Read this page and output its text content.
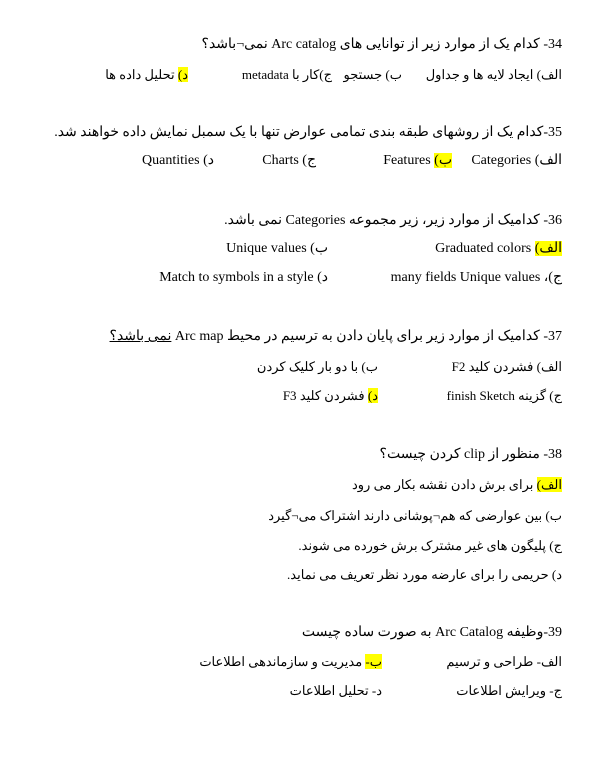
34- کدام یک از موارد زیر از توانایی های Arc catalog نمی¬باشد؟
الف) ایجاد لایه ها و جداول
ب) جستجو
ج)کار با metadata
د) تحلیل داده ها
35-کدام یک از روشهای طبقه بندی تمامی عوارض تنها با یک سمبل نمایش داده خواهند شد.
الف) Categories
ب) Features
ج) Charts
د) Quantities
36- کدامیک از موارد زیر، زیر مجموعه Categories نمی باشد.
الف) Graduated colors
ب) Unique values
ج)، many fields Unique values
د) Match to symbols in a style
37- کدامیک از موارد زیر برای پایان دادن به ترسیم در محیط Arc map نمی باشد؟
الف) فشردن کلید F2
ب) با دو بار کلیک کردن
ج) گزینه finish Sketch
د) فشردن کلید F3
38- منظور از clip کردن چیست؟
الف) برای برش دادن نقشه بکار می رود
ب) بین عوارضی که هم¬پوشانی دارند اشتراک می¬گیرد
ج) پلیگون های غیر مشترک برش خورده می شوند.
د) حریمی را برای عارضه مورد نظر تعریف می نماید.
39-وظیفه Arc Catalog به صورت ساده چیست
الف- طراحی و ترسیم
ب- مدیریت و سازماندهی اطلاعات
ج- ویرایش اطلاعات
د- تحلیل اطلاعات
